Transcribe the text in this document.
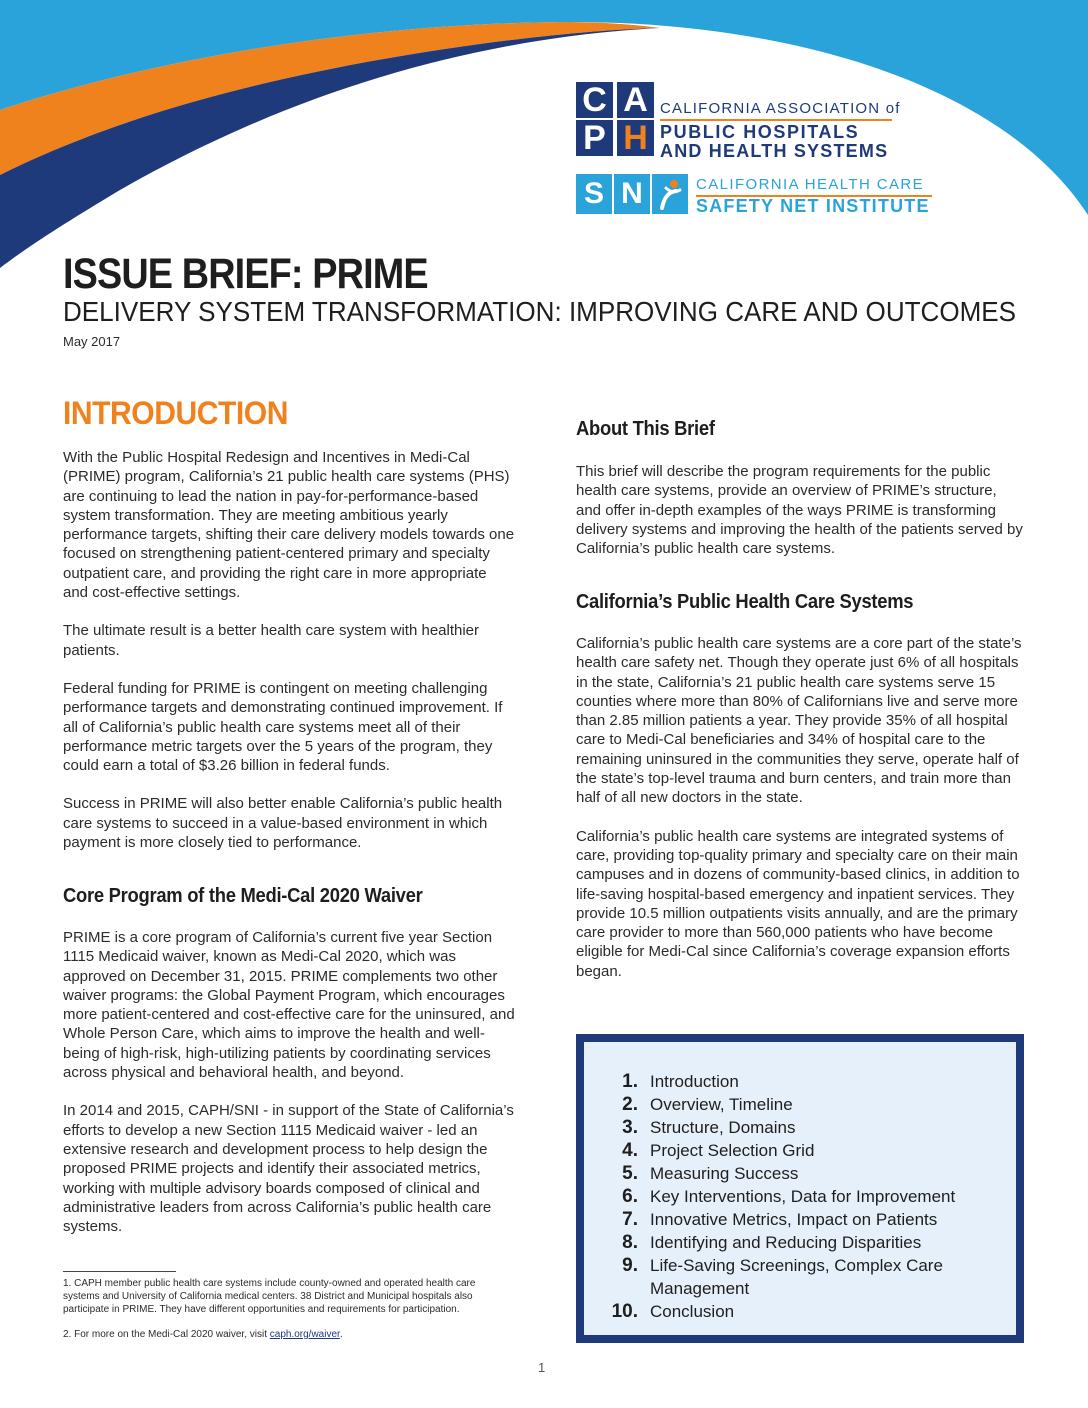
C A
P H
CALIFORNIA ASSOCIATION of
PUBLIC HOSPITALS
AND HEALTH SYSTEMS
S N	CALIFORNIA HEALTH CARE
SAFETY NET INSTITUTE
ISSUE BRIEF: PRIME
DELIVERY SYSTEM TRANSFORMATION: IMPROVING CARE AND OUTCOMES
May 2017
INTRODUCTION

With the Public Hospital Redesign and Incentives in Medi-Cal (PRIME) program, California’s 21 public health care systems (PHS) are continuing to lead the nation in pay-for-performance-based system transformation. They are meeting ambitious yearly performance targets, shifting their care delivery models towards one focused on strengthening patient-centered primary and specialty outpatient care, and providing the right care in more appropriate and cost-effective settings.

The ultimate result is a better health care system with healthier patients.

Federal funding for PRIME is contingent on meeting challenging performance targets and demonstrating continued improvement. If all of California’s public health care systems meet all of their performance metric targets over the 5 years of the program, they could earn a total of $3.26 billion in federal funds.

Success in PRIME will also better enable California’s public health care systems to succeed in a value-based environment in which payment is more closely tied to performance.

Core Program of the Medi-Cal 2020 Waiver

PRIME is a core program of California’s current five year Section 1115 Medicaid waiver, known as Medi-Cal 2020, which was approved on December 31, 2015. PRIME complements two other waiver programs: the Global Payment Program, which encourages more patient-centered and cost-effective care for the uninsured, and Whole Person Care, which aims to improve the health and well-being of high-risk, high-utilizing patients by coordinating services across physical and behavioral health, and beyond.

In 2014 and 2015, CAPH/SNI - in support of the State of California’s efforts to develop a new Section 1115 Medicaid waiver - led an extensive research and development process to help design the proposed PRIME projects and identify their associated metrics, working with multiple advisory boards composed of clinical and administrative leaders from across California’s public health care systems.

1. CAPH member public health care systems include county-owned and operated health care systems and University of California medical centers. 38 District and Municipal hospitals also participate in PRIME. They have different opportunities and requirements for participation.

2. For more on the Medi-Cal 2020 waiver, visit caph.org/waiver.

About This Brief

This brief will describe the program requirements for the public health care systems, provide an overview of PRIME’s structure, and offer in-depth examples of the ways PRIME is transforming delivery systems and improving the health of the patients served by California’s public health care systems.

California’s Public Health Care Systems

California’s public health care systems are a core part of the state’s health care safety net. Though they operate just 6% of all hospitals in the state, California’s 21 public health care systems serve 15 counties where more than 80% of Californians live and serve more than 2.85 million patients a year. They provide 35% of all hospital care to Medi-Cal beneficiaries and 34% of hospital care to the remaining uninsured in the communities they serve, operate half of the state’s top-level trauma and burn centers, and train more than half of all new doctors in the state.

California’s public health care systems are integrated systems of care, providing top-quality primary and specialty care on their main campuses and in dozens of community-based clinics, in addition to life-saving hospital-based emergency and inpatient services. They provide 10.5 million outpatients visits annually, and are the primary care provider to more than 560,000 patients who have become eligible for Medi-Cal since California’s coverage expansion efforts began.

1. Introduction
2. Overview, Timeline
3. Structure, Domains
4. Project Selection Grid
5. Measuring Success
6. Key Interventions, Data for Improvement
7. Innovative Metrics, Impact on Patients
8. Identifying and Reducing Disparities
9. Life-Saving Screenings, Complex Care Management
10. Conclusion
1
